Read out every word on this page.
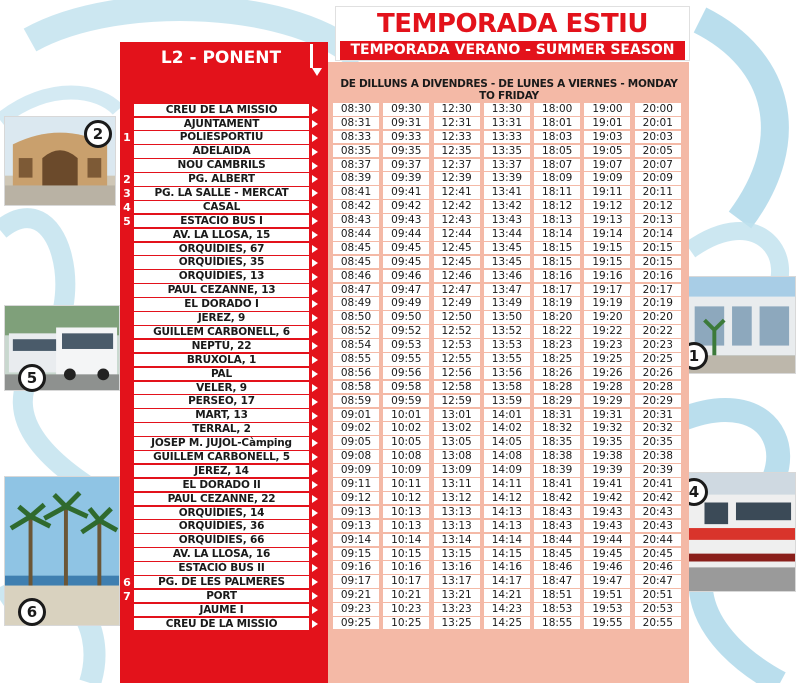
2
5
6
1
4
TEMPORADA ESTIU
TEMPORADA VERANO - SUMMER SEASON
L2 - PONENT
DE DILLUNS A DIVENDRES - DE LUNES A VIERNES - MONDAY TO FRIDAY
CREU DE LA MISSIÓ
AJUNTAMENT
1	POLIESPORTIU
ADELAIDA
NOU CAMBRILS
2	PG. ALBERT
3	PG. LA SALLE - MERCAT
4	CASAL
5	ESTACIÓ BUS I
AV. LA LLOSA, 15
ORQUÍDIES, 67
ORQUÍDIES, 35
ORQUÍDIES, 13
PAUL CEZANNE, 13
EL DORADO I
JEREZ, 9
GUILLEM CARBONELL, 6
NEPTÚ, 22
BRÚXOLA, 1
PAL
VELER, 9
PERSEO, 17
MART, 13
TERRAL, 2
JOSEP M. JUJOL-Càmping
GUILLEM CARBONELL, 5
JEREZ, 14
EL DORADO II
PAUL CEZANNE, 22
ORQUÍDIES, 14
ORQUÍDIES, 36
ORQUÍDIES, 66
AV. LA LLOSA, 16
ESTACIÓ BUS II
6	PG. DE LES PALMERES
7	PORT
JAUME I
CREU DE LA MISSIÓ
08:30	09:30	12:30	13:30	18:00	19:00	20:00
08:31	09:31	12:31	13:31	18:01	19:01	20:01
08:33	09:33	12:33	13:33	18:03	19:03	20:03
08:35	09:35	12:35	13:35	18:05	19:05	20:05
08:37	09:37	12:37	13:37	18:07	19:07	20:07
08:39	09:39	12:39	13:39	18:09	19:09	20:09
08:41	09:41	12:41	13:41	18:11	19:11	20:11
08:42	09:42	12:42	13:42	18:12	19:12	20:12
08:43	09:43	12:43	13:43	18:13	19:13	20:13
08:44	09:44	12:44	13:44	18:14	19:14	20:14
08:45	09:45	12:45	13:45	18:15	19:15	20:15
08:45	09:45	12:45	13:45	18:15	19:15	20:15
08:46	09:46	12:46	13:46	18:16	19:16	20:16
08:47	09:47	12:47	13:47	18:17	19:17	20:17
08:49	09:49	12:49	13:49	18:19	19:19	20:19
08:50	09:50	12:50	13:50	18:20	19:20	20:20
08:52	09:52	12:52	13:52	18:22	19:22	20:22
08:54	09:53	12:53	13:53	18:23	19:23	20:23
08:55	09:55	12:55	13:55	18:25	19:25	20:25
08:56	09:56	12:56	13:56	18:26	19:26	20:26
08:58	09:58	12:58	13:58	18:28	19:28	20:28
08:59	09:59	12:59	13:59	18:29	19:29	20:29
09:01	10:01	13:01	14:01	18:31	19:31	20:31
09:02	10:02	13:02	14:02	18:32	19:32	20:32
09:05	10:05	13:05	14:05	18:35	19:35	20:35
09:08	10:08	13:08	14:08	18:38	19:38	20:38
09:09	10:09	13:09	14:09	18:39	19:39	20:39
09:11	10:11	13:11	14:11	18:41	19:41	20:41
09:12	10:12	13:12	14:12	18:42	19:42	20:42
09:13	10:13	13:13	14:13	18:43	19:43	20:43
09:13	10:13	13:13	14:13	18:43	19:43	20:43
09:14	10:14	13:14	14:14	18:44	19:44	20:44
09:15	10:15	13:15	14:15	18:45	19:45	20:45
09:16	10:16	13:16	14:16	18:46	19:46	20:46
09:17	10:17	13:17	14:17	18:47	19:47	20:47
09:21	10:21	13:21	14:21	18:51	19:51	20:51
09:23	10:23	13:23	14:23	18:53	19:53	20:53
09:25	10:25	13:25	14:25	18:55	19:55	20:55
